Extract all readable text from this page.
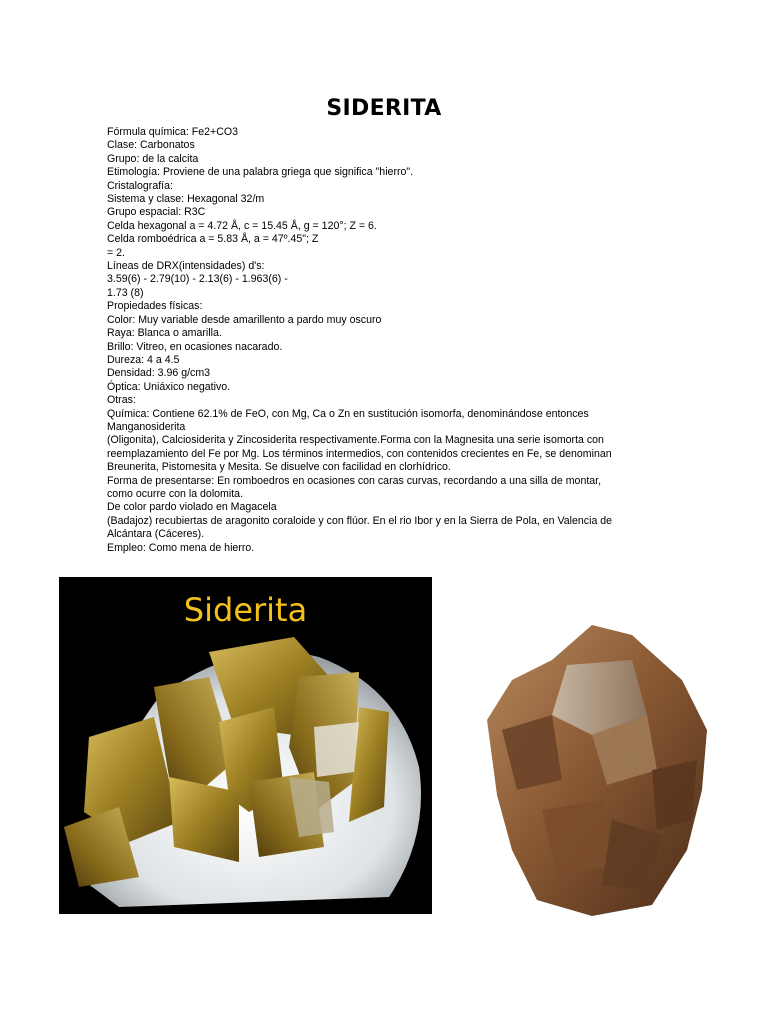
SIDERITA
Fórmula química: Fe2+CO3
Clase: Carbonatos
Grupo: de la calcita
Etimología: Proviene de una palabra griega que significa "hierro".
Cristalografía:
Sistema y clase: Hexagonal 32/m
Grupo espacial: R3C
Celda hexagonal a = 4.72 Å, c = 15.45 Å, g = 120°; Z = 6.
Celda romboédrica a = 5.83 Å, a = 47º.45"; Z
= 2.
Líneas de DRX(intensidades) d's:
3.59(6) - 2.79(10) - 2.13(6) - 1.963(6) -
1.73 (8)
Propiedades físicas:
Color: Muy variable desde amarillento a pardo muy oscuro
Raya: Blanca o amarilla.
Brillo: Vitreo, en ocasiones nacarado.
Dureza: 4 a 4.5
Densidad: 3.96 g/cm3
Óptica: Uniáxico negativo.
Otras:
Química: Contiene 62.1% de FeO, con Mg, Ca o Zn en sustitución isomorfa, denominándose entonces
Manganosiderita
(Oligonita), Calciosiderita y Zincosiderita respectivamente.Forma con la Magnesita una serie isomorta con
reemplazamiento del Fe por Mg. Los términos intermedios, con contenidos crecientes en Fe, se denominan
Breunerita, Pistomesita y Mesita. Se disuelve con facilidad en clorhídrico.
Forma de presentarse: En romboedros en ocasiones con caras curvas, recordando a una silla de montar,
como ocurre con la dolomita.
De color pardo violado en Magacela
(Badajoz) recubiertas de aragonito coraloide y con flúor. En el rio Ibor y en la Sierra de Pola, en Valencia de
Alcántara (Cáceres).
Empleo: Como mena de hierro.
Siderita
